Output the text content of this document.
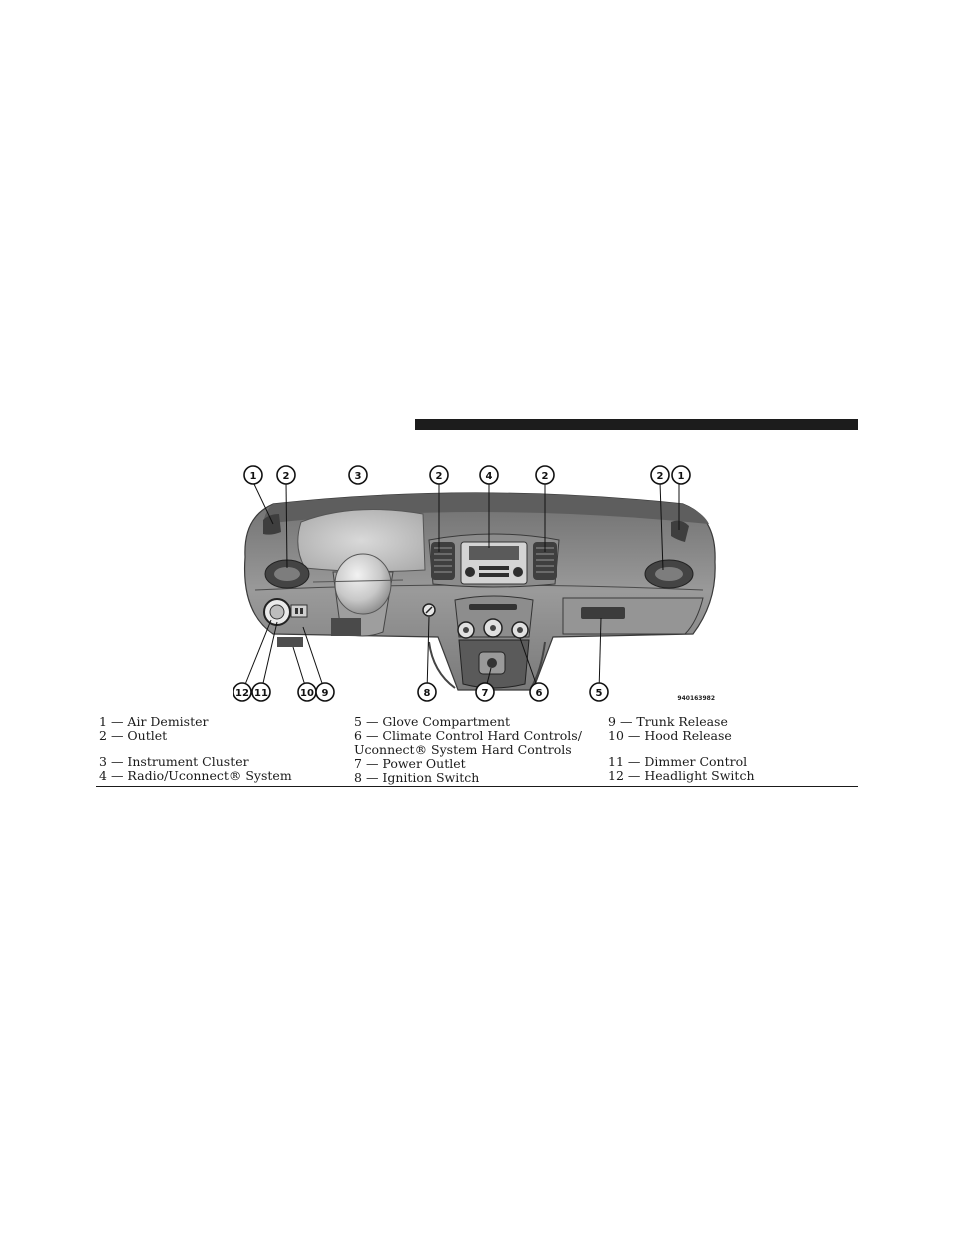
1	2	3	2	4	2	2 1
12 11	10 9	8	7	6	5	940163982
1 — Air Demister
2 — Outlet
3 — Instrument Cluster
4 — Radio/Uconnect® System
5 — Glove Compartment
6 — Climate Control Hard Controls/
Uconnect® System Hard Controls
7 — Power Outlet
8 — Ignition Switch
9 — Trunk Release
10 — Hood Release
11 — Dimmer Control
12 — Headlight Switch
